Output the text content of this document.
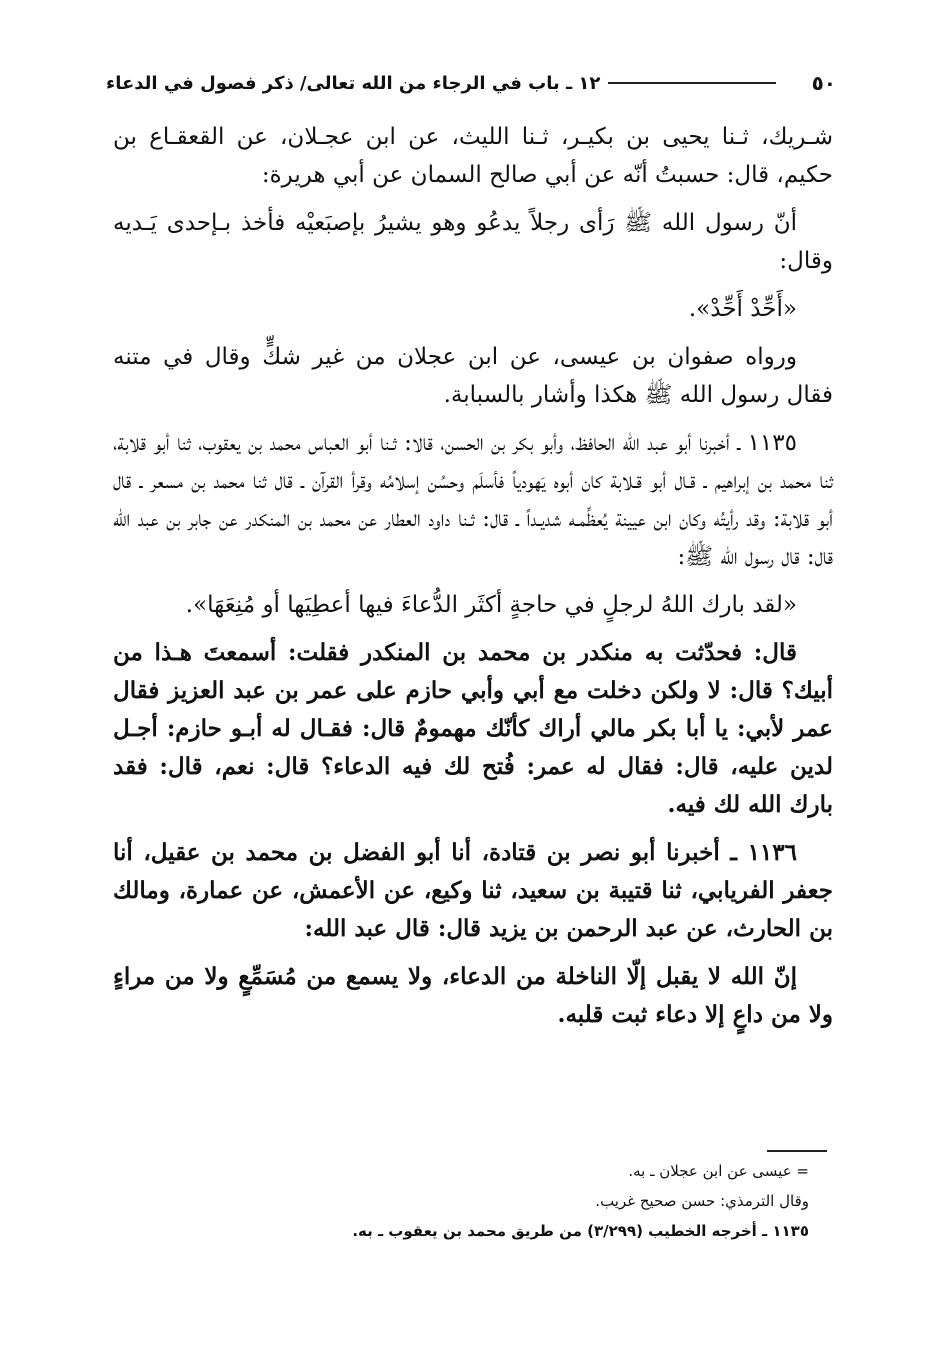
٥٠
١٢ ـ باب في الرجاء من الله تعالى/ ذكر فصول في الدعاء

شـريك، ثـنا يحيى بن بكيـر، ثـنا الليث، عن ابن عجـلان، عن القعقـاع بن حكيم، قال: حسبتُ أنّه عن أبي صالح السمان عن أبي هريرة:

أنّ رسول الله ﷺ رَأى رجلاً يدعُو وهو يشيرُ بإصبَعيْه فأخذ بـإحدى يَـديه وقال:

«أَحِّدْ أَحِّدْ».

ورواه صفوان بن عيسى، عن ابن عجلان من غير شكٍّ وقال في متنه فقال رسول الله ﷺ هكذا وأشار بالسبابة.

١١٣٥ ـ أخبرنا أبو عبد الله الحافظ، وأبو بكر بن الحسن، قالا: ثـنا أبو العباس محمد بن يعقوب، ثنا أبو قلابة، ثنا محمد بن إبراهيم ـ قـال أبو قـلابة كان أبوه يَهودياً فأسلَم وحسُن إسلامُه وقرأ القرآن ـ قال ثنا محمد بن مسعر ـ قال أبو قلابة: وقد رأيتُه وكان ابن عيينة يُعظِّمـه شديـداً ـ قال: ثـنا داود العطار عن محمد بن المنكدر عن جابر بن عبد الله قال: قال رسول الله ﷺ:

«لقد بارك اللهُ لرجلٍ في حاجةٍ أكثَر الدُّعاءَ فيها أعطِيَها أو مُنِعَهَا».

قال: فحدّثت به منكدر بن محمد بن المنكدر فقلت: أسمعتَ هـذا من أبيك؟ قال: لا ولكن دخلت مع أبي وأبي حازم على عمر بن عبد العزيز فقال عمر لأبي: يا أبا بكر مالي أراك كأنّك مهمومٌ قال: فقـال له أبـو حازم: أجـل لدين عليه، قال: فقال له عمر: فُتح لك فيه الدعاء؟ قال: نعم، قال: فقد بارك الله لك فيه.

١١٣٦ ـ أخبرنا أبو نصر بن قتادة، أنا أبو الفضل بن محمد بن عقيل، أنا جعفر الفريابي، ثنا قتيبة بن سعيد، ثنا وكيع، عن الأعمش، عن عمارة، ومالك بن الحارث، عن عبد الرحمن بن يزيد قال: قال عبد الله:

إنّ الله لا يقبل إلّا الناخلة من الدعاء، ولا يسمع من مُسَمِّعٍ ولا من مراءٍ ولا من داعٍ إلا دعاء ثبت قلبه.

= عيسى عن ابن عجلان ـ به.
وقال الترمذي: حسن صحيح غريب.
١١٣٥ ـ أخرجه الخطيب (٣/٢٩٩) من طريق محمد بن يعقوب ـ به.
